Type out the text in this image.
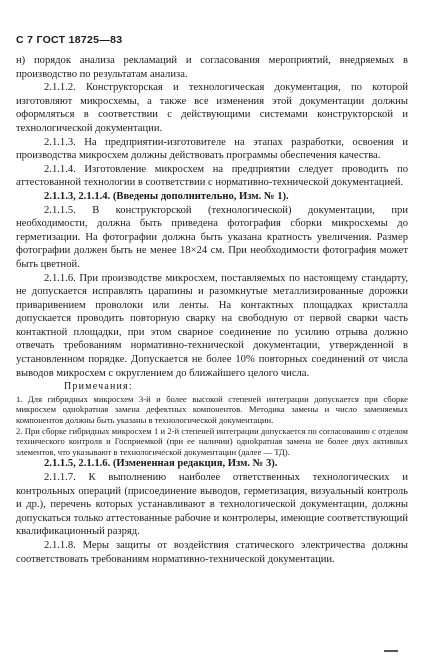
С 7 ГОСТ 18725—83

н) порядок анализа рекламаций и согласования мероприятий, внедряемых в производство по результатам анализа.

2.1.1.2. Конструкторская и технологическая документация, по которой изготовляют микросхемы, а также все изменения этой документации должны оформляться в соответствии с действующими системами конструкторской и технологической документации.

2.1.1.3. На предприятии-изготовителе на этапах разработки, освоения и производства микросхем должны действовать программы обеспечения качества.

2.1.1.4. Изготовление микросхем на предприятии следует проводить по аттестованной технологии в соответствии с нормативно-технической документацией.

2.1.1.3, 2.1.1.4. (Введены дополнительно, Изм. № 1).

2.1.1.5. В конструкторской (технологической) документации, при необходимости, должна быть приведена фотография сборки микросхемы до герметизации. На фотографии должна быть указана кратность увеличения. Размер фотографии должен быть не менее 18×24 см. При необходимости фотография может быть цветной.

2.1.1.6. При производстве микросхем, поставляемых по настоящему стандарту, не допускается исправлять царапины и разомкнутые металлизированные дорожки приваривением проволоки или ленты. На контактных площадках кристалла допускается проводить повторную сварку на свободную от первой сварки часть контактной площадки, при этом сварное соединение по усилию отрыва должно отвечать требованиям нормативно-технической документации, утвержденной в установленном порядке. Допускается не более 10% повторных соединений от числа выводов микросхем с округлением до ближайшего целого числа.

Примечания:

1. Для гибридных микросхем 3-й и более высокой степеней интеграции допускается при сборке микросхем одноkратная замена дефектных компонентов. Методика замены и число заменяемых компонентов должны быть указаны в технологической документации.

2. При сборке гибридных микросхем 1 и 2-й степеней интеграции допускается по согласованию с отделом технического контроля и Госприемкой (при ее наличии) одноkратная замена не более двух активных элементов, что указывают в технологической документации (далее — ТД).

2.1.1.5, 2.1.1.6. (Измененная редакция, Изм. № 3).

2.1.1.7. К выполнению наиболее ответственных технологических и контрольных операций (присоединение выводов, герметизация, визуальный контроль и др.), перечень которых устанавливают в технологической документации, должны допускаться только аттестованные рабочие и контролеры, имеющие соответствующий квалификационный разряд.

2.1.1.8. Меры защиты от воздействия статического электричества должны соответствовать требованиям нормативно-технической документации.
